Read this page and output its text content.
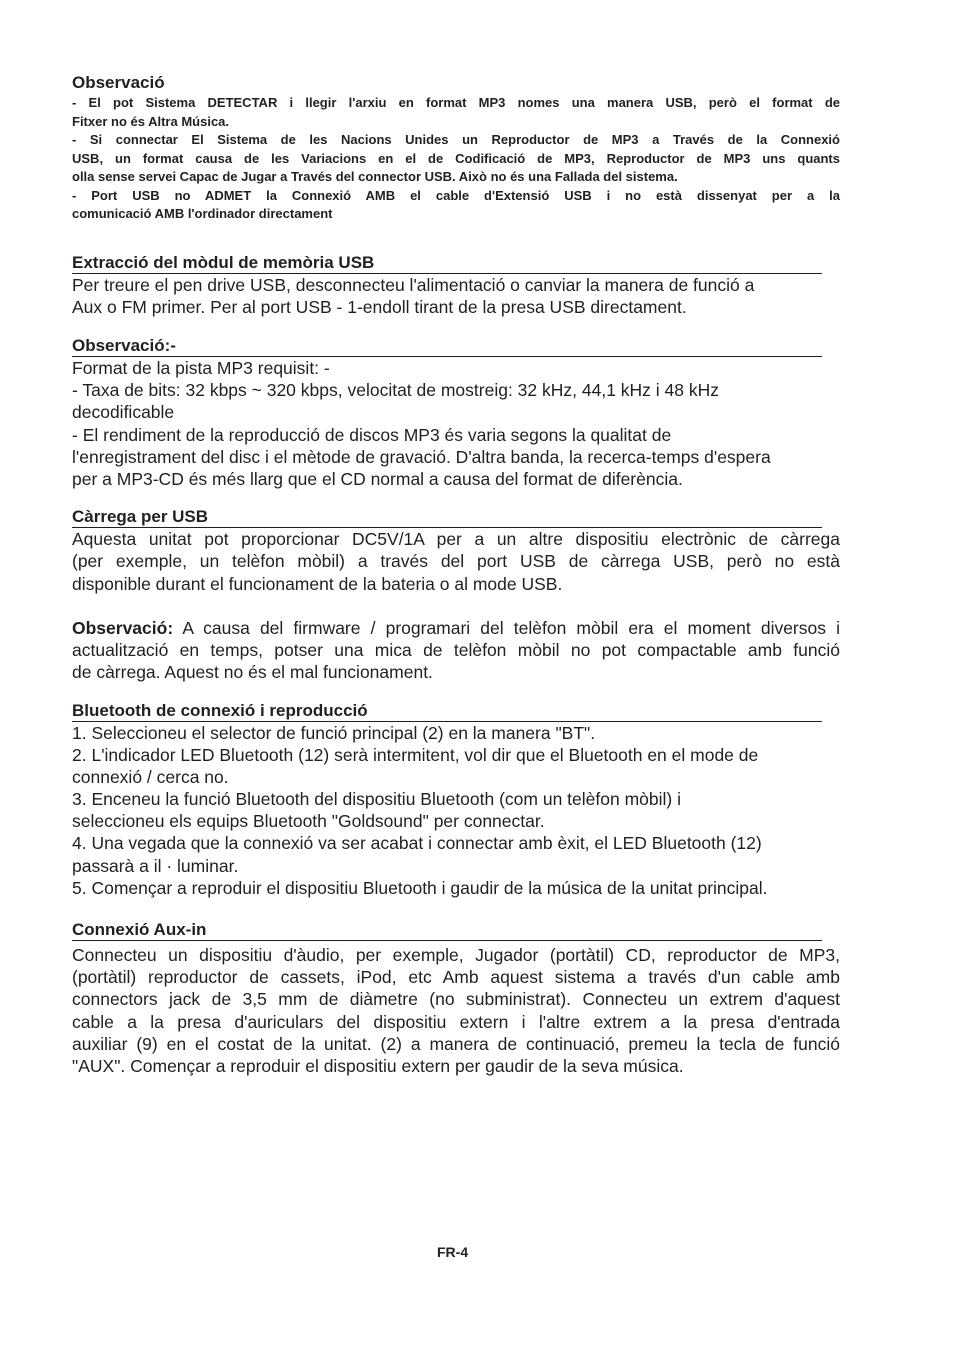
Observació
- El pot Sistema DETECTAR i llegir l'arxiu en format MP3 nomes una manera USB, però el format de
Fitxer no és Altra Música.
- Si connectar El Sistema de les Nacions Unides un Reproductor de MP3 a Través de la Connexió
USB, un format causa de les Variacions en el de Codificació de MP3, Reproductor de MP3 uns quants
olla sense servei Capac de Jugar a Través del connector USB. Això no és una Fallada del sistema.
- Port USB no ADMET la Connexió AMB el cable d'Extensió USB i no està dissenyat per a la
comunicació AMB l'ordinador directament
Extracció del mòdul de memòria USB
Per treure el pen drive USB, desconnecteu l'alimentació o canviar la manera de funció a
Aux o FM primer. Per al port USB - 1-endoll tirant de la presa USB directament.
Observació:-
Format de la pista MP3 requisit: -
- Taxa de bits: 32 kbps ~ 320 kbps, velocitat de mostreig: 32 kHz, 44,1 kHz i 48 kHz
decodificable
- El rendiment de la reproducció de discos MP3 és varia segons la qualitat de
l'enregistrament del disc i el mètode de gravació. D'altra banda, la recerca-temps d'espera
per a MP3-CD és més llarg que el CD normal a causa del format de diferència.
Càrrega per USB
Aquesta unitat pot proporcionar DC5V/1A per a un altre dispositiu electrònic de càrrega
(per exemple, un telèfon mòbil) a través del port USB de càrrega USB, però no està
disponible durant el funcionament de la bateria o al mode USB.
Observació: A causa del firmware / programari del telèfon mòbil era el moment diversos i
actualització en temps, potser una mica de telèfon mòbil no pot compactable amb funció
de càrrega. Aquest no és el mal funcionament.
Bluetooth de connexió i reproducció
1. Seleccioneu el selector de funció principal (2) en la manera "BT".
2. L'indicador LED Bluetooth (12) serà intermitent, vol dir que el Bluetooth en el mode de
connexió / cerca no.
3. Enceneu la funció Bluetooth del dispositiu Bluetooth (com un telèfon mòbil) i
seleccioneu els equips Bluetooth "Goldsound" per connectar.
4. Una vegada que la connexió va ser acabat i connectar amb èxit, el LED Bluetooth (12)
passarà a il · luminar.
5. Començar a reproduir el dispositiu Bluetooth i gaudir de la música de la unitat principal.
Connexió Aux-in
Connecteu un dispositiu d'àudio, per exemple, Jugador (portàtil) CD, reproductor de MP3,
(portàtil) reproductor de cassets, iPod, etc Amb aquest sistema a través d'un cable amb
connectors jack de 3,5 mm de diàmetre (no subministrat). Connecteu un extrem d'aquest
cable a la presa d'auriculars del dispositiu extern i l'altre extrem a la presa d'entrada
auxiliar (9) en el costat de la unitat. (2) a manera de continuació, premeu la tecla de funció
"AUX". Començar a reproduir el dispositiu extern per gaudir de la seva música.
FR-4
